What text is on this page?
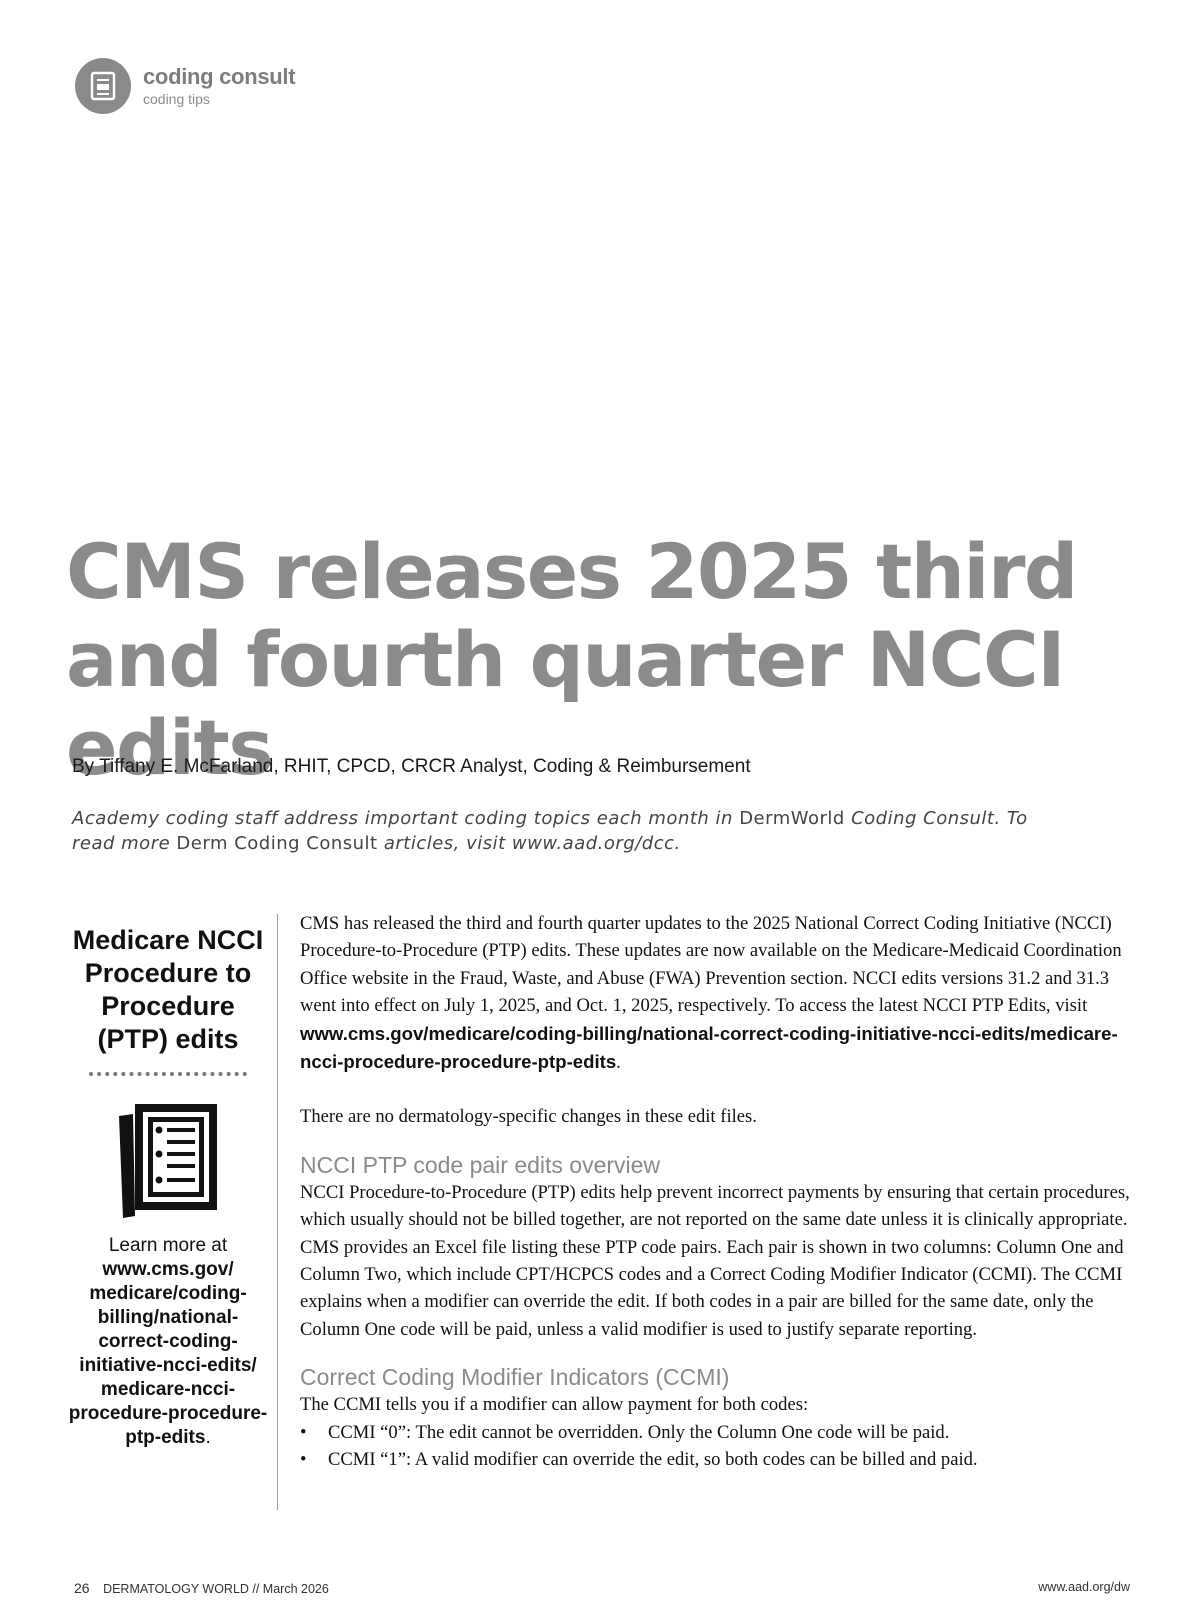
coding consult
coding tips
CMS releases 2025 third and fourth quarter NCCI edits
By Tiffany E. McFarland, RHIT, CPCD, CRCR Analyst, Coding & Reimbursement
Academy coding staff address important coding topics each month in DermWorld Coding Consult. To read more Derm Coding Consult articles, visit www.aad.org/dcc.
Medicare NCCI Procedure to Procedure (PTP) edits
Learn more at
www.cms.gov/medicare/coding-billing/national-correct-coding-initiative-ncci-edits/medicare-ncci-procedure-procedure-ptp-edits.

CMS has released the third and fourth quarter updates to the 2025 National Correct Coding Initiative (NCCI) Procedure-to-Procedure (PTP) edits. These updates are now available on the Medicare-Medicaid Coordination Office website in the Fraud, Waste, and Abuse (FWA) Prevention section. NCCI edits versions 31.2 and 31.3 went into effect on July 1, 2025, and Oct. 1, 2025, respectively. To access the latest NCCI PTP Edits, visit www.cms.gov/medicare/coding-billing/national-correct-coding-initiative-ncci-edits/medicare-ncci-procedure-procedure-ptp-edits.

There are no dermatology-specific changes in these edit files.

NCCI PTP code pair edits overview

NCCI Procedure-to-Procedure (PTP) edits help prevent incorrect payments by ensuring that certain procedures, which usually should not be billed together, are not reported on the same date unless it is clinically appropriate. CMS provides an Excel file listing these PTP code pairs. Each pair is shown in two columns: Column One and Column Two, which include CPT/HCPCS codes and a Correct Coding Modifier Indicator (CCMI). The CCMI explains when a modifier can override the edit. If both codes in a pair are billed for the same date, only the Column One code will be paid, unless a valid modifier is used to justify separate reporting.

Correct Coding Modifier Indicators (CCMI)

The CCMI tells you if a modifier can allow payment for both codes:

• CCMI “0”: The edit cannot be overridden. Only the Column One code will be paid.
• CCMI “1”: A valid modifier can override the edit, so both codes can be billed and paid.
26 DERMATOLOGY WORLD // March 2026	www.aad.org/dw
